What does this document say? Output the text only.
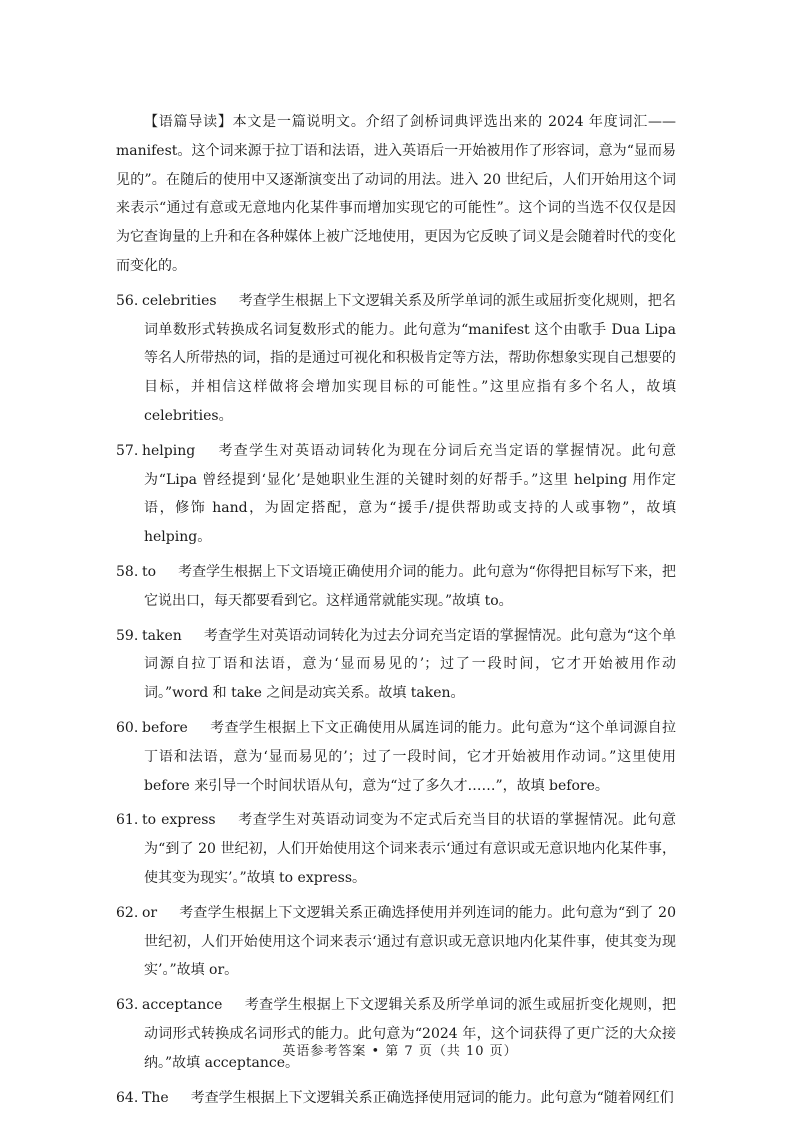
【语篇导读】本文是一篇说明文。介绍了剑桥词典评选出来的 2024 年度词汇——manifest。这个词来源于拉丁语和法语，进入英语后一开始被用作了形容词，意为“显而易见的”。在随后的使用中又逐渐演变出了动词的用法。进入 20 世纪后，人们开始用这个词来表示“通过有意或无意地内化某件事而增加实现它的可能性”。这个词的当选不仅仅是因为它查询量的上升和在各种媒体上被广泛地使用，更因为它反映了词义是会随着时代的变化而变化的。

56. celebrities 考查学生根据上下文逻辑关系及所学单词的派生或屈折变化规则，把名词单数形式转换成名词复数形式的能力。此句意为“manifest 这个由歌手 Dua Lipa 等名人所带热的词，指的是通过可视化和积极肯定等方法，帮助你想象实现自己想要的目标，并相信这样做将会增加实现目标的可能性。”这里应指有多个名人，故填 celebrities。

57. helping 考查学生对英语动词转化为现在分词后充当定语的掌握情况。此句意为“Lipa 曾经提到‘显化’是她职业生涯的关键时刻的好帮手。”这里 helping 用作定语，修饰 hand，为固定搭配，意为“援手/提供帮助或支持的人或事物”，故填 helping。

58. to 考查学生根据上下文语境正确使用介词的能力。此句意为“你得把目标写下来，把它说出口，每天都要看到它。这样通常就能实现。”故填 to。

59. taken 考查学生对英语动词转化为过去分词充当定语的掌握情况。此句意为“这个单词源自拉丁语和法语，意为‘显而易见的’；过了一段时间，它才开始被用作动词。”word 和 take 之间是动宾关系。故填 taken。

60. before 考查学生根据上下文正确使用从属连词的能力。此句意为“这个单词源自拉丁语和法语，意为‘显而易见的’；过了一段时间，它才开始被用作动词。”这里使用 before 来引导一个时间状语从句，意为“过了多久才……”，故填 before。

61. to express 考查学生对英语动词变为不定式后充当目的状语的掌握情况。此句意为“到了 20 世纪初，人们开始使用这个词来表示‘通过有意识或无意识地内化某件事，使其变为现实’。”故填 to express。

62. or 考查学生根据上下文逻辑关系正确选择使用并列连词的能力。此句意为“到了 20 世纪初，人们开始使用这个词来表示‘通过有意识或无意识地内化某件事，使其变为现实’。”故填 or。

63. acceptance 考查学生根据上下文逻辑关系及所学单词的派生或屈折变化规则，把动词形式转换成名词形式的能力。此句意为“2024 年，这个词获得了更广泛的大众接纳。”故填 acceptance。

64. The 考查学生根据上下文逻辑关系正确选择使用冠词的能力。此句意为“随着网红们

英语参考答案 • 第 7 页（共 10 页）
